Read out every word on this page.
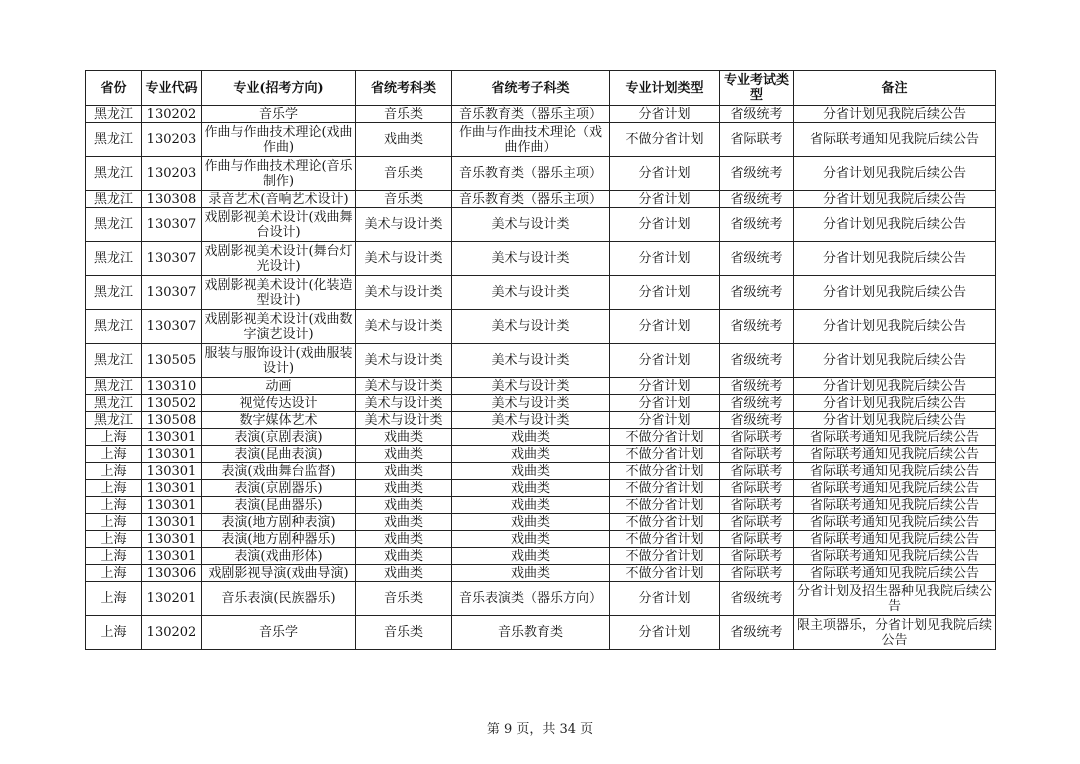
省份	专业代码	专业(招考方向)	省统考科类	省统考子科类	专业计划类型	专业考试类型	备注
黑龙江	130202	音乐学	音乐类	音乐教育类（器乐主项）	分省计划	省级统考	分省计划见我院后续公告
黑龙江	130203	作曲与作曲技术理论(戏曲作曲)	戏曲类	作曲与作曲技术理论（戏曲作曲）	不做分省计划	省际联考	省际联考通知见我院后续公告
黑龙江	130203	作曲与作曲技术理论(音乐制作)	音乐类	音乐教育类（器乐主项）	分省计划	省级统考	分省计划见我院后续公告
黑龙江	130308	录音艺术(音响艺术设计)	音乐类	音乐教育类（器乐主项）	分省计划	省级统考	分省计划见我院后续公告
黑龙江	130307	戏剧影视美术设计(戏曲舞台设计)	美术与设计类	美术与设计类	分省计划	省级统考	分省计划见我院后续公告
黑龙江	130307	戏剧影视美术设计(舞台灯光设计)	美术与设计类	美术与设计类	分省计划	省级统考	分省计划见我院后续公告
黑龙江	130307	戏剧影视美术设计(化装造型设计)	美术与设计类	美术与设计类	分省计划	省级统考	分省计划见我院后续公告
黑龙江	130307	戏剧影视美术设计(戏曲数字演艺设计)	美术与设计类	美术与设计类	分省计划	省级统考	分省计划见我院后续公告
黑龙江	130505	服装与服饰设计(戏曲服装设计)	美术与设计类	美术与设计类	分省计划	省级统考	分省计划见我院后续公告
黑龙江	130310	动画	美术与设计类	美术与设计类	分省计划	省级统考	分省计划见我院后续公告
黑龙江	130502	视觉传达设计	美术与设计类	美术与设计类	分省计划	省级统考	分省计划见我院后续公告
黑龙江	130508	数字媒体艺术	美术与设计类	美术与设计类	分省计划	省级统考	分省计划见我院后续公告
上海	130301	表演(京剧表演)	戏曲类	戏曲类	不做分省计划	省际联考	省际联考通知见我院后续公告
上海	130301	表演(昆曲表演)	戏曲类	戏曲类	不做分省计划	省际联考	省际联考通知见我院后续公告
上海	130301	表演(戏曲舞台监督)	戏曲类	戏曲类	不做分省计划	省际联考	省际联考通知见我院后续公告
上海	130301	表演(京剧器乐)	戏曲类	戏曲类	不做分省计划	省际联考	省际联考通知见我院后续公告
上海	130301	表演(昆曲器乐)	戏曲类	戏曲类	不做分省计划	省际联考	省际联考通知见我院后续公告
上海	130301	表演(地方剧种表演)	戏曲类	戏曲类	不做分省计划	省际联考	省际联考通知见我院后续公告
上海	130301	表演(地方剧种器乐)	戏曲类	戏曲类	不做分省计划	省际联考	省际联考通知见我院后续公告
上海	130301	表演(戏曲形体)	戏曲类	戏曲类	不做分省计划	省际联考	省际联考通知见我院后续公告
上海	130306	戏剧影视导演(戏曲导演)	戏曲类	戏曲类	不做分省计划	省际联考	省际联考通知见我院后续公告
上海	130201	音乐表演(民族器乐)	音乐类	音乐表演类（器乐方向）	分省计划	省级统考	分省计划及招生器种见我院后续公告
上海	130202	音乐学	音乐类	音乐教育类	分省计划	省级统考	限主项器乐，分省计划见我院后续公告
第 9 页，共 34 页
